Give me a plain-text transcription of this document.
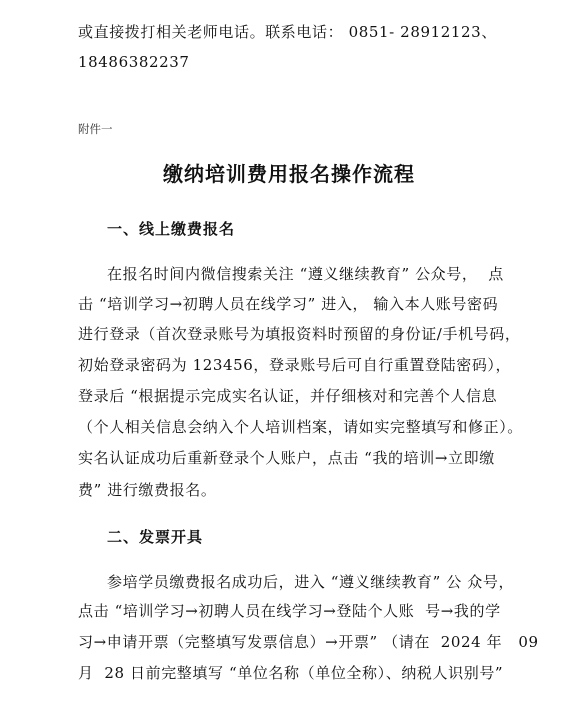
或直接拨打相关老师电话。联系电话： 0851- 28912123、
18486382237
附件一
缴纳培训费用报名操作流程
一、线上缴费报名
在报名时间内微信搜索关注 “遵义继续教育” 公众号，  点
击 “培训学习→初聘人员在线学习” 进入， 输入本人账号密码
进行登录（首次登录账号为填报资料时预留的身份证/手机号码，
初始登录密码为 123456，登录账号后可自行重置登陆密码），
登录后 “根据提示完成实名认证，并仔细核对和完善个人信息
（个人相关信息会纳入个人培训档案，请如实完整填写和修正）。
实名认证成功后重新登录个人账户，点击 “我的培训→立即缴
费” 进行缴费报名。
二、发票开具
参培学员缴费报名成功后，进入 “遵义继续教育” 公 众号，
点击 “培训学习→初聘人员在线学习→登陆个人账  号→我的学
习→申请开票（完整填写发票信息）→开票” （请在  2024 年   09
月  28 日前完整填写 “单位名称（单位全称）、纳税人识别号”
